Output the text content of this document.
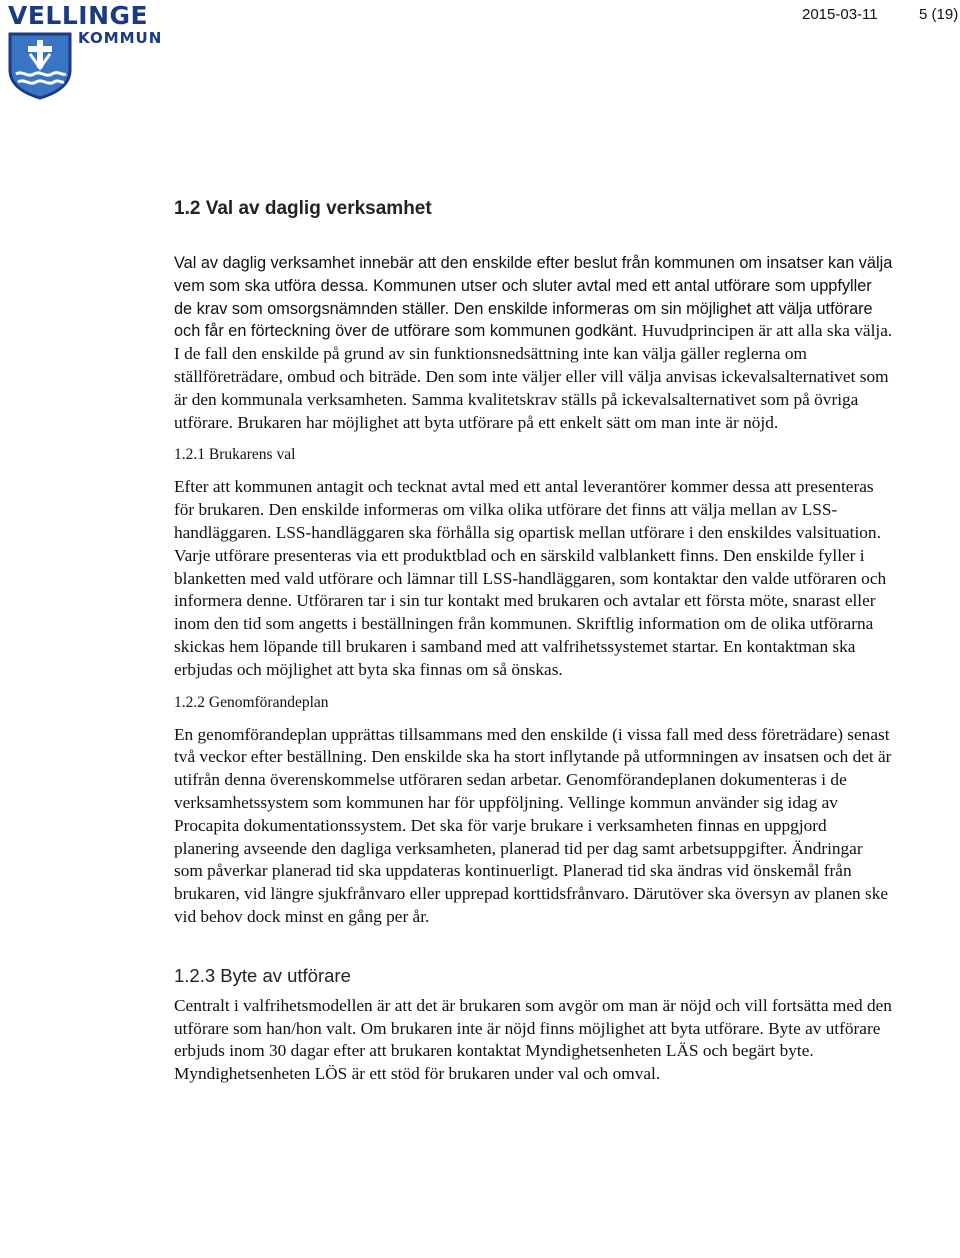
VELLINGE
KOMMUN
2015-03-11	5 (19)
1.2 Val av daglig verksamhet

Val av daglig verksamhet innebär att den enskilde efter beslut från kommunen om insatser kan välja vem som ska utföra dessa. Kommunen utser och sluter avtal med ett antal utförare som uppfyller de krav som omsorgsnämnden ställer. Den enskilde informeras om sin möjlighet att välja utförare och får en förteckning över de utförare som kommunen godkänt. Huvudprincipen är att alla ska välja. I de fall den enskilde på grund av sin funktionsnedsättning inte kan välja gäller reglerna om ställföreträdare, ombud och biträde. Den som inte väljer eller vill välja anvisas ickevalsalternativet som är den kommunala verksamheten. Samma kvalitetskrav ställs på ickevalsalternativet som på övriga utförare. Brukaren har möjlighet att byta utförare på ett enkelt sätt om man inte är nöjd.

1.2.1 Brukarens val

Efter att kommunen antagit och tecknat avtal med ett antal leverantörer kommer dessa att presenteras för brukaren. Den enskilde informeras om vilka olika utförare det finns att välja mellan av LSS-handläggaren. LSS-handläggaren ska förhålla sig opartisk mellan utförare i den enskildes valsituation. Varje utförare presenteras via ett produktblad och en särskild valblankett finns. Den enskilde fyller i blanketten med vald utförare och lämnar till LSS-handläggaren, som kontaktar den valde utföraren och informera denne. Utföraren tar i sin tur kontakt med brukaren och avtalar ett första möte, snarast eller inom den tid som angetts i beställningen från kommunen. Skriftlig information om de olika utförarna skickas hem löpande till brukaren i samband med att valfrihetssystemet startar. En kontaktman ska erbjudas och möjlighet att byta ska finnas om så önskas.

1.2.2 Genomförandeplan

En genomförandeplan upprättas tillsammans med den enskilde (i vissa fall med dess företrädare) senast två veckor efter beställning. Den enskilde ska ha stort inflytande på utformningen av insatsen och det är utifrån denna överenskommelse utföraren sedan arbetar. Genomförandeplanen dokumenteras i de verksamhetssystem som kommunen har för uppföljning. Vellinge kommun använder sig idag av Procapita dokumentationssystem. Det ska för varje brukare i verksamheten finnas en uppgjord planering avseende den dagliga verksamheten, planerad tid per dag samt arbetsuppgifter. Ändringar som påverkar planerad tid ska uppdateras kontinuerligt. Planerad tid ska ändras vid önskemål från brukaren, vid längre sjukfrånvaro eller upprepad korttidsfrånvaro. Därutöver ska översyn av planen ske vid behov dock minst en gång per år.

1.2.3 Byte av utförare

Centralt i valfrihetsmodellen är att det är brukaren som avgör om man är nöjd och vill fortsätta med den utförare som han/hon valt. Om brukaren inte är nöjd finns möjlighet att byta utförare. Byte av utförare erbjuds inom 30 dagar efter att brukaren kontaktat Myndighetsenheten LÄS och begärt byte. Myndighetsenheten LÖS är ett stöd för brukaren under val och omval.
